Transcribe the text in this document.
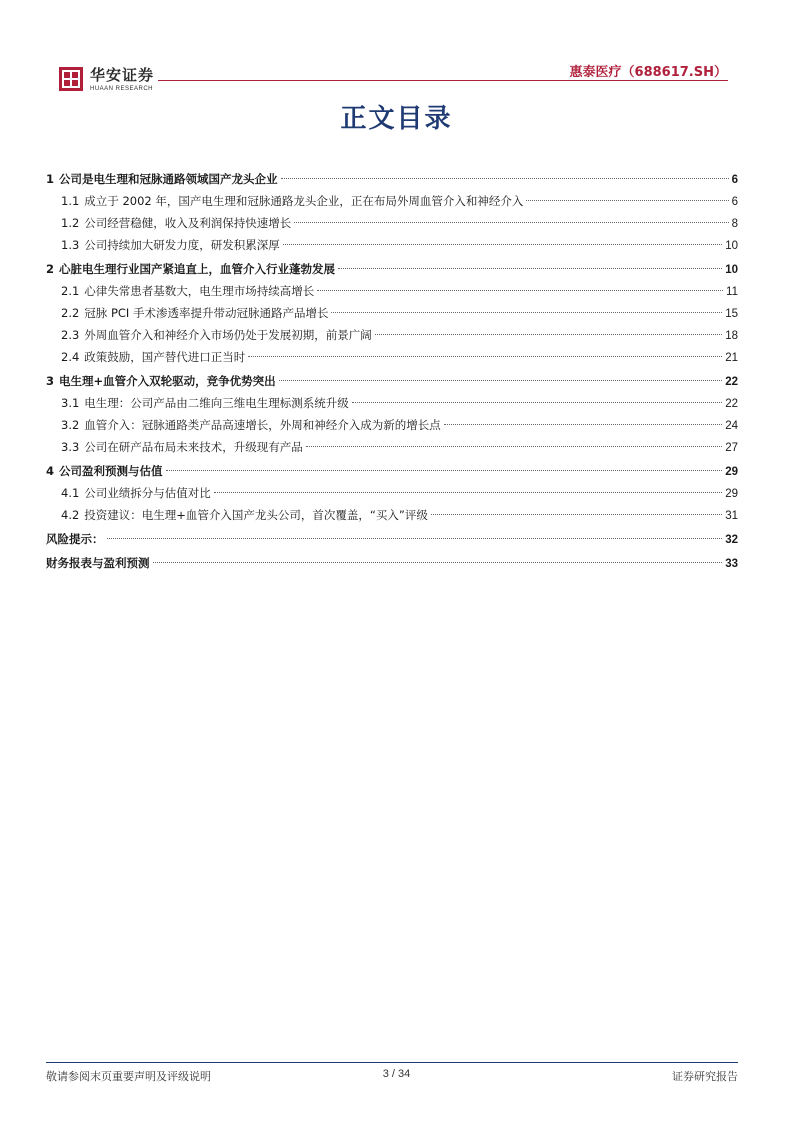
华安证券
HUAAN RESEARCH
惠泰医疗（688617.SH）
正文目录
1 公司是电生理和冠脉通路领域国产龙头企业	6
1.1 成立于 2002 年，国产电生理和冠脉通路龙头企业，正在布局外周血管介入和神经介入	6
1.2 公司经营稳健，收入及利润保持快速增长	8
1.3 公司持续加大研发力度，研发积累深厚	10
2 心脏电生理行业国产紧追直上，血管介入行业蓬勃发展	10
2.1 心律失常患者基数大，电生理市场持续高增长	11
2.2 冠脉 PCI 手术渗透率提升带动冠脉通路产品增长	15
2.3 外周血管介入和神经介入市场仍处于发展初期，前景广阔	18
2.4 政策鼓励，国产替代进口正当时	21
3 电生理+血管介入双轮驱动，竞争优势突出	22
3.1 电生理：公司产品由二维向三维电生理标测系统升级	22
3.2 血管介入：冠脉通路类产品高速增长，外周和神经介入成为新的增长点	24
3.3 公司在研产品布局未来技术，升级现有产品	27
4 公司盈利预测与估值	29
4.1 公司业绩拆分与估值对比	29
4.2 投资建议：电生理+血管介入国产龙头公司，首次覆盖，“买入”评级	31
风险提示：	32
财务报表与盈利预测	33
敬请参阅末页重要声明及评级说明	3 / 34	证券研究报告
